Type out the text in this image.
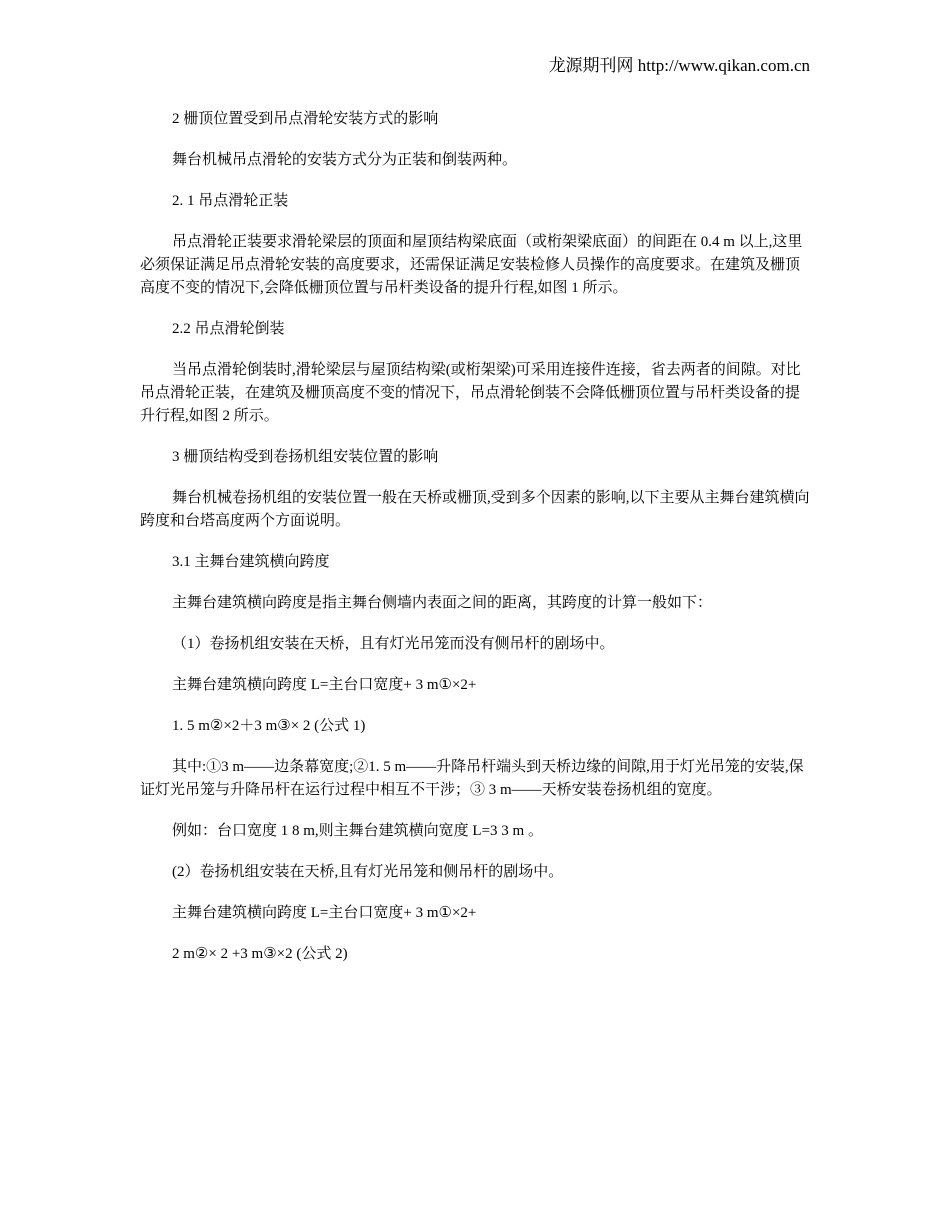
龙源期刊网 http://www.qikan.com.cn

2 栅顶位置受到吊点滑轮安装方式的影响

舞台机械吊点滑轮的安装方式分为正装和倒装两种。

2. 1 吊点滑轮正装

吊点滑轮正装要求滑轮梁层的顶面和屋顶结构梁底面（或桁架梁底面）的间距在 0.4 m 以上,这里必须保证满足吊点滑轮安装的高度要求，还需保证满足安装检修人员操作的高度要求。在建筑及栅顶高度不变的情况下,会降低栅顶位置与吊杆类设备的提升行程,如图 1 所示。

2.2 吊点滑轮倒装

当吊点滑轮倒装时,滑轮梁层与屋顶结构梁(或桁架梁)可采用连接件连接，省去两者的间隙。对比吊点滑轮正装，在建筑及栅顶高度不变的情况下，吊点滑轮倒装不会降低栅顶位置与吊杆类设备的提升行程,如图 2 所示。

3 栅顶结构受到卷扬机组安装位置的影响

舞台机械卷扬机组的安装位置一般在天桥或栅顶,受到多个因素的影响,以下主要从主舞台建筑横向跨度和台塔高度两个方面说明。

3.1 主舞台建筑横向跨度

主舞台建筑横向跨度是指主舞台侧墙内表面之间的距离，其跨度的计算一般如下：

（1）卷扬机组安装在天桥，且有灯光吊笼而没有侧吊杆的剧场中。

主舞台建筑横向跨度 L=主台口宽度+ 3 m①×2+

1. 5 m②×2＋3 m③× 2 (公式 1)

其中:①3 m——边条幕宽度;②1. 5 m——升降吊杆端头到天桥边缘的间隙,用于灯光吊笼的安装,保证灯光吊笼与升降吊杆在运行过程中相互不干涉；③ 3 m——天桥安装卷扬机组的宽度。

例如：台口宽度 1 8 m,则主舞台建筑横向宽度 L=3 3 m 。

(2）卷扬机组安装在天桥,且有灯光吊笼和侧吊杆的剧场中。

主舞台建筑横向跨度 L=主台口宽度+ 3 m①×2+

2 m②× 2 +3 m③×2 (公式 2)
